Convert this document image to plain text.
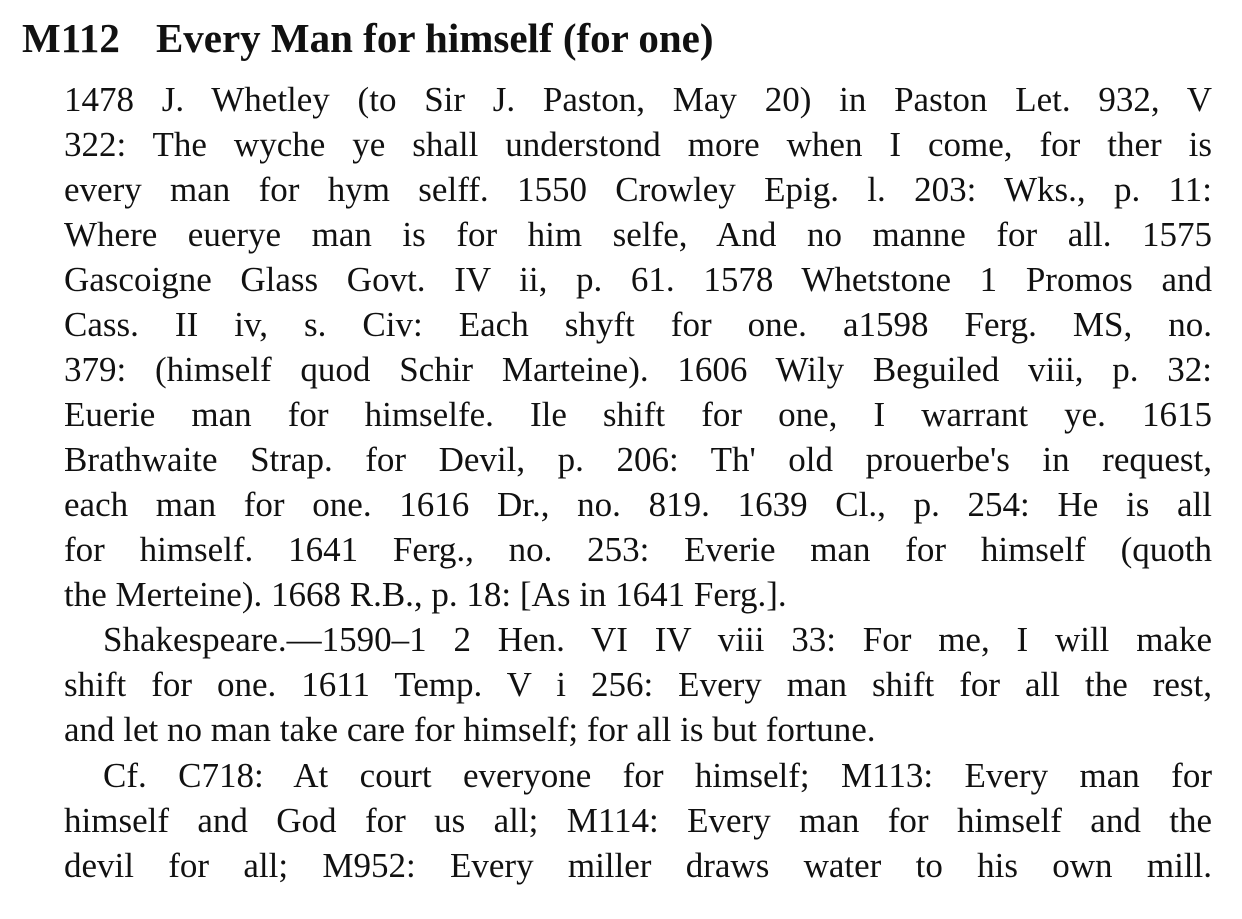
M112 Every Man for himself (for one)
1478 J. Whetley (to Sir J. Paston, May 20) in Paston Let. 932, V
322: The wyche ye shall understond more when I come, for ther is
every man for hym selff. 1550 Crowley Epig. l. 203: Wks., p. 11:
Where euerye man is for him selfe, And no manne for all. 1575
Gascoigne Glass Govt. IV ii, p. 61. 1578 Whetstone 1 Promos and
Cass. II iv, s. Civ: Each shyft for one. a1598 Ferg. MS, no.
379: (himself quod Schir Marteine). 1606 Wily Beguiled viii, p. 32:
Euerie man for himselfe. Ile shift for one, I warrant ye. 1615
Brathwaite Strap. for Devil, p. 206: Th' old prouerbe's in request,
each man for one. 1616 Dr., no. 819. 1639 Cl., p. 254: He is all
for himself. 1641 Ferg., no. 253: Everie man for himself (quoth
the Merteine). 1668 R.B., p. 18: [As in 1641 Ferg.].
Shakespeare.—1590–1 2 Hen. VI IV viii 33: For me, I will make
shift for one. 1611 Temp. V i 256: Every man shift for all the rest,
and let no man take care for himself; for all is but fortune.
Cf. C718: At court everyone for himself; M113: Every man for
himself and God for us all; M114: Every man for himself and the
devil for all; M952: Every miller draws water to his own mill.
